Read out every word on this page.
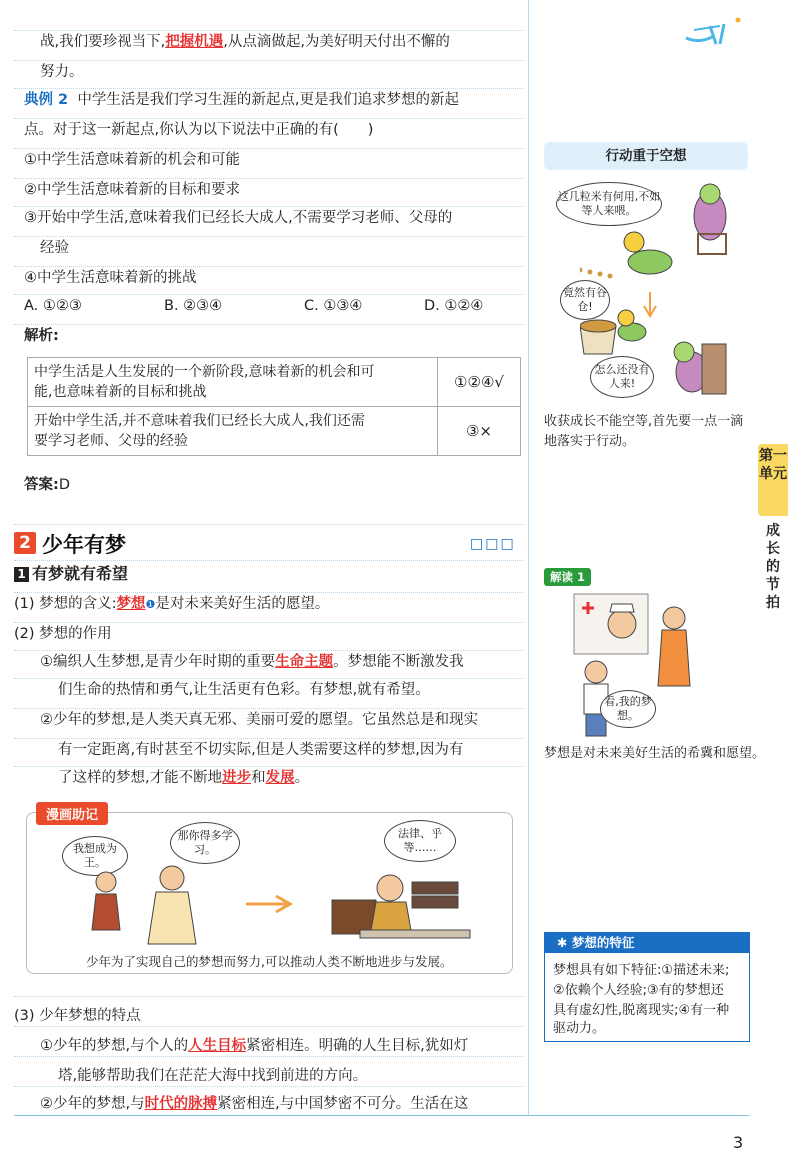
战,我们要珍视当下,把握机遇,从点滴做起,为美好明天付出不懈的
努力。
典例 2 中学生活是我们学习生涯的新起点,更是我们追求梦想的新起
点。对于这一新起点,你认为以下说法中正确的有(　　)
①中学生活意味着新的机会和可能
②中学生活意味着新的目标和要求
③开始中学生活,意味着我们已经长大成人,不需要学习老师、父母的
经验
④中学生活意味着新的挑战
A. ①②③	B. ②③④	C. ①③④	D. ①②④
解析:
中学生活是人生发展的一个新阶段,意味着新的机会和可
能,也意味着新的目标和挑战	①②④√
开始中学生活,并不意味着我们已经长大成人,我们还需
要学习老师、父母的经验	③×
答案:D
2 少年有梦	□□□
1 有梦就有希望
(1) 梦想的含义:梦想❶是对未来美好生活的愿望。
(2) 梦想的作用
①编织人生梦想,是青少年时期的重要生命主题。梦想能不断激发我
们生命的热情和勇气,让生活更有色彩。有梦想,就有希望。
②少年的梦想,是人类天真无邪、美丽可爱的愿望。它虽然总是和现实
有一定距离,有时甚至不切实际,但是人类需要这样的梦想,因为有
了这样的梦想,才能不断地进步和发展。
漫画助记
我想成为王。
那你得多学习。
法律、乎等……
少年为了实现自己的梦想而努力,可以推动人类不断地进步与发展。
(3) 少年梦想的特点
①少年的梦想,与个人的人生目标紧密相连。明确的人生目标,犹如灯
塔,能够帮助我们在茫茫大海中找到前进的方向。
②少年的梦想,与时代的脉搏紧密相连,与中国梦密不可分。生活在这
行动重于空想
这几粒米有何用,不如等人来喂。
竟然有谷仓!
怎么还没有人来!
收获成长不能空等,首先要一点一滴
地落实于行动。
第一单元
成长的节拍
解读 1
看,我的梦想。
梦想是对未来美好生活的希冀和愿望。
✱ 梦想的特征
梦想具有如下特征:①描述未来;
②依赖个人经验;③有的梦想还
具有虚幻性,脱离现实;④有一种
驱动力。
3
